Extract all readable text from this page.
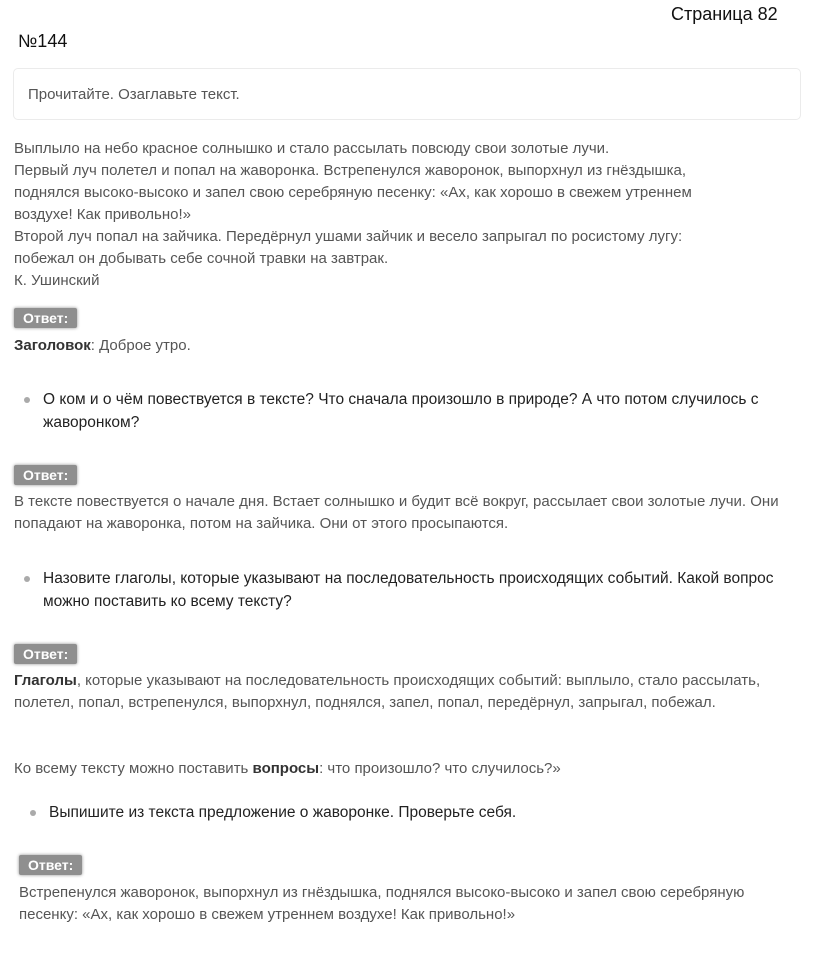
Страница 82
№144
Прочитайте. Озаглавьте текст.

Выплыло на небо красное солнышко и стало рассылать повсюду свои золотые лучи.

Первый луч полетел и попал на жаворонка. Встрепенулся жаворонок, выпорхнул из гнёздышка,

поднялся высоко-высоко и запел свою серебряную песенку: «Ах, как хорошо в свежем утреннем

воздухе! Как привольно!»

Второй луч попал на зайчика. Передёрнул ушами зайчик и весело запрыгал по росистому лугу:

побежал он добывать себе сочной травки на завтрак.

К. Ушинский

Ответ:
Заголовок: Доброе утро.
О ком и о чём повествуется в тексте? Что сначала произошло в природе? А что потом случилось с жаворонком?
Ответ:
В тексте повествуется о начале дня. Встает солнышко и будит всё вокруг, рассылает свои золотые лучи. Они попадают на жаворонка, потом на зайчика. Они от этого просыпаются.
Назовите глаголы, которые указывают на последовательность происходящих событий. Какой вопрос можно поставить ко всему тексту?
Ответ:
Глаголы, которые указывают на последовательность происходящих событий: выплыло, стало рассылать, полетел, попал, встрепенулся, выпорхнул, поднялся, запел, попал, передёрнул, запрыгал, побежал.
Ко всему тексту можно поставить вопросы: что произошло? что случилось?»
Выпишите из текста предложение о жаворонке. Проверьте себя.
Ответ:
Встрепенулся жаворонок, выпорхнул из гнёздышка, поднялся высоко-высоко и запел свою серебряную песенку: «Ах, как хорошо в свежем утреннем воздухе! Как привольно!»
